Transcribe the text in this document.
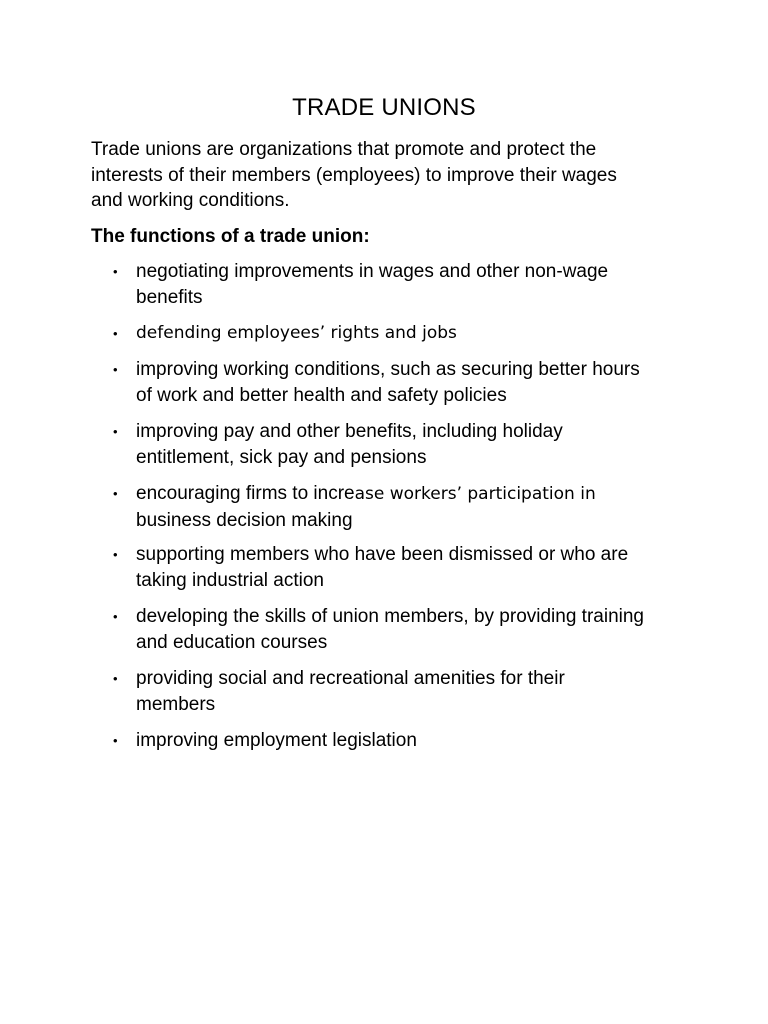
TRADE UNIONS
Trade unions are organizations that promote and protect the
interests of their members (employees) to improve their wages
and working conditions.
The functions of a trade union:
• negotiating improvements in wages and other non-wage
benefits
• defending employees’ rights and jobs
• improving working conditions, such as securing better hours
of work and better health and safety policies
• improving pay and other benefits, including holiday
entitlement, sick pay and pensions
• encouraging firms to increase workers’ participation in
business decision making
• supporting members who have been dismissed or who are
taking industrial action
• developing the skills of union members, by providing training
and education courses
• providing social and recreational amenities for their
members
• improving employment legislation
